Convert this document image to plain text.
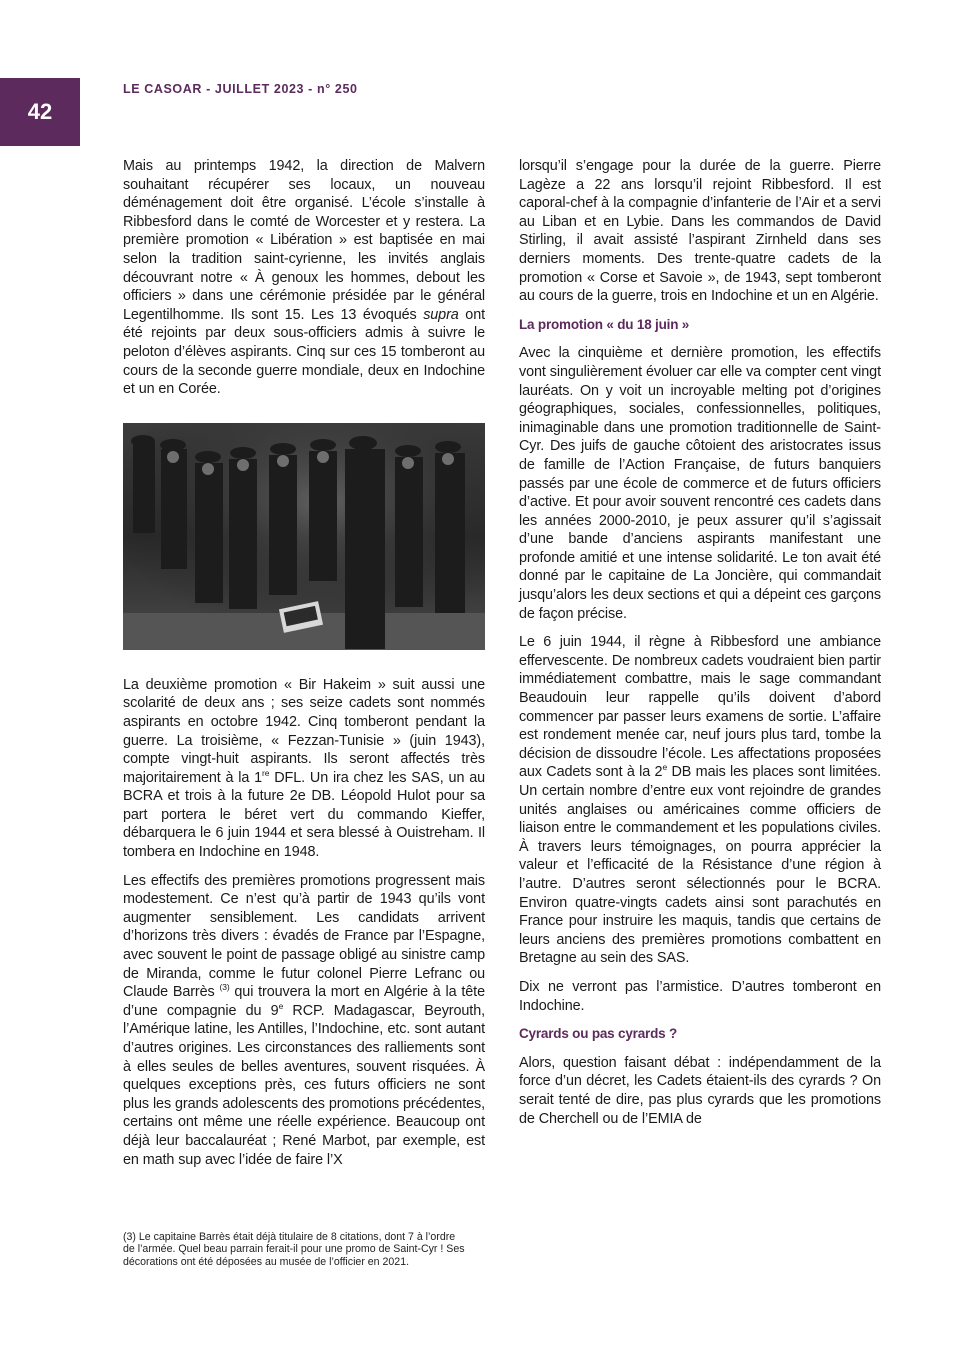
42
LE CASOAR - JUILLET 2023 - n° 250

Mais au printemps 1942, la direction de Malvern souhaitant récupérer ses locaux, un nouveau déménagement doit être organisé. L’école s’installe à Ribbesford dans le comté de Worcester et y restera. La première promotion « Libération » est baptisée en mai selon la tradition saint-cyrienne, les invités anglais découvrant notre « À genoux les hommes, debout les officiers » dans une cérémonie présidée par le général Legentilhomme. Ils sont 15. Les 13 évoqués supra ont été rejoints par deux sous-officiers admis à suivre le peloton d’élèves aspirants. Cinq sur ces 15 tomberont au cours de la seconde guerre mondiale, deux en Indochine et un en Corée.

La deuxième promotion « Bir Hakeim » suit aussi une scolarité de deux ans ; ses seize cadets sont nommés aspirants en octobre 1942. Cinq tomberont pendant la guerre. La troisième, « Fezzan-Tunisie » (juin 1943), compte vingt-huit aspirants. Ils seront affectés très majoritairement à la 1re DFL. Un ira chez les SAS, un au BCRA et trois à la future 2e DB. Léopold Hulot pour sa part portera le béret vert du commando Kieffer, débarquera le 6 juin 1944 et sera blessé à Ouistreham. Il tombera en Indochine en 1948.

Les effectifs des premières promotions progressent mais modestement. Ce n’est qu’à partir de 1943 qu’ils vont augmenter sensiblement. Les candidats arrivent d’horizons très divers : évadés de France par l’Espagne, avec souvent le point de passage obligé au sinistre camp de Miranda, comme le futur colonel Pierre Lefranc ou Claude Barrès $^{(3)}$ qui trouvera la mort en Algérie à la tête d’une compagnie du 9e RCP. Madagascar, Beyrouth, l’Amérique latine, les Antilles, l’Indochine, etc. sont autant d’autres origines. Les circonstances des ralliements sont à elles seules de belles aventures, souvent risquées. À quelques exceptions près, ces futurs officiers ne sont plus les grands adolescents des promotions précédentes, certains ont même une réelle expérience. Beaucoup ont déjà leur baccalauréat ; René Marbot, par exemple, est en math sup avec l’idée de faire l’X

lorsqu’il s’engage pour la durée de la guerre. Pierre Lagèze a 22 ans lorsqu’il rejoint Ribbesford. Il est caporal-chef à la compagnie d’infanterie de l’Air et a servi au Liban et en Lybie. Dans les commandos de David Stirling, il avait assisté l’aspirant Zirnheld dans ses derniers moments. Des trente-quatre cadets de la promotion « Corse et Savoie », de 1943, sept tomberont au cours de la guerre, trois en Indochine et un en Algérie.

La promotion « du 18 juin »

Avec la cinquième et dernière promotion, les effectifs vont singulièrement évoluer car elle va compter cent vingt lauréats. On y voit un incroyable melting pot d’origines géographiques, sociales, confessionnelles, politiques, inimaginable dans une promotion traditionnelle de Saint-Cyr. Des juifs de gauche côtoient des aristocrates issus de famille de l’Action Française, de futurs banquiers passés par une école de commerce et de futurs officiers d’active. Et pour avoir souvent rencontré ces cadets dans les années 2000-2010, je peux assurer qu’il s’agissait d’une bande d’anciens aspirants manifestant une profonde amitié et une intense solidarité. Le ton avait été donné par le capitaine de La Joncière, qui commandait jusqu’alors les deux sections et qui a dépeint ces garçons de façon précise.

Le 6 juin 1944, il règne à Ribbesford une ambiance effervescente. De nombreux cadets voudraient bien partir immédiatement combattre, mais le sage commandant Beaudouin leur rappelle qu’ils doivent d’abord commencer par passer leurs examens de sortie. L’affaire est rondement menée car, neuf jours plus tard, tombe la décision de dissoudre l’école. Les affectations proposées aux Cadets sont à la 2e DB mais les places sont limitées. Un certain nombre d’entre eux vont rejoindre de grandes unités anglaises ou américaines comme officiers de liaison entre le commandement et les populations civiles. À travers leurs témoignages, on pourra apprécier la valeur et l’efficacité de la Résistance d’une région à l’autre. D’autres seront sélectionnés pour le BCRA. Environ quatre-vingts cadets ainsi sont parachutés en France pour instruire les maquis, tandis que certains de leurs anciens des premières promotions combattent en Bretagne au sein des SAS.

Dix ne verront pas l’armistice. D’autres tomberont en Indochine.

Cyrards ou pas cyrards ?

Alors, question faisant débat : indépendamment de la force d’un décret, les Cadets étaient-ils des cyrards ? On serait tenté de dire, pas plus cyrards que les promotions de Cherchell ou de l’EMIA de

(3) Le capitaine Barrès était déjà titulaire de 8 citations, dont 7 à l’ordre de l’armée. Quel beau parrain ferait-il pour une promo de Saint-Cyr ! Ses décorations ont été déposées au musée de l’officier en 2021.
